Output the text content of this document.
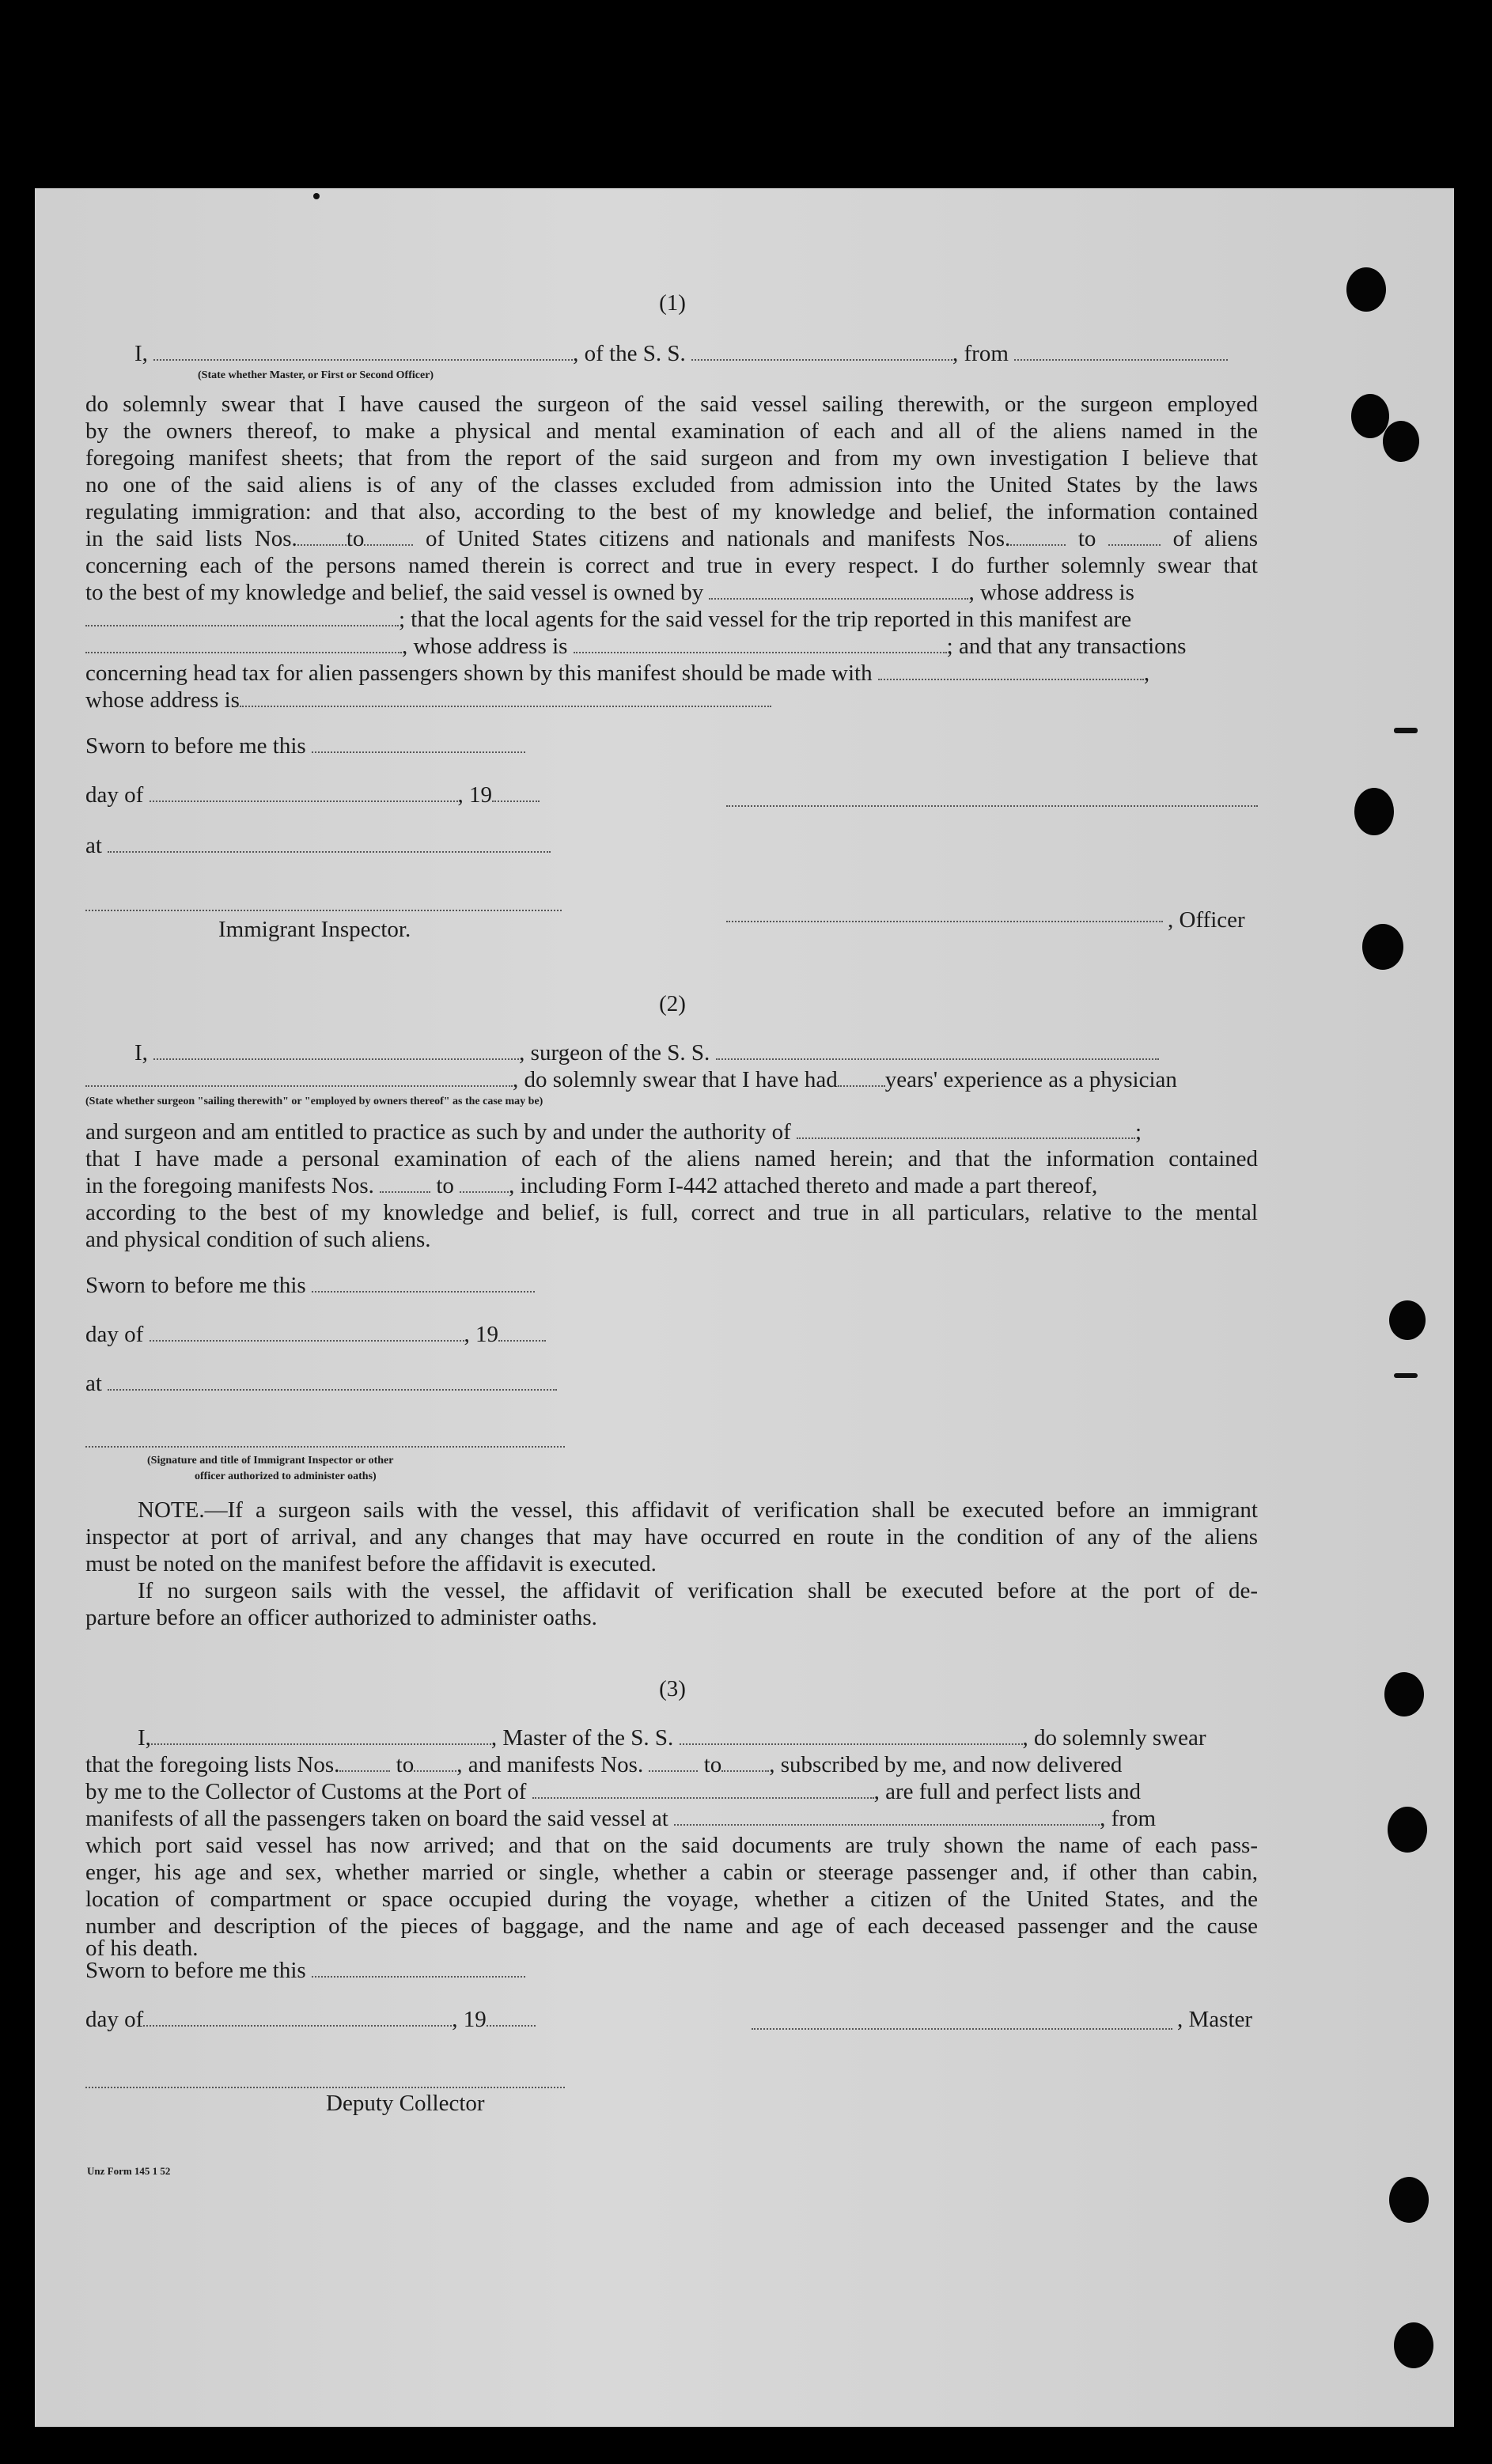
(1)
I,	, of the S. S.	, from
(State whether Master, or First or Second Officer)
do solemnly swear that I have caused the surgeon of the said vessel sailing therewith, or the surgeon employed
by the owners thereof, to make a physical and mental examination of each and all of the aliens named in the
foregoing manifest sheets; that from the report of the said surgeon and from my own investigation I believe that
no one of the said aliens is of any of the classes excluded from admission into the United States by the laws
regulating immigration: and that also, according to the best of my knowledge and belief, the information contained
in the said lists Nos. to	of United States citizens and nationals and manifests Nos.	to	of aliens
concerning each of the persons named therein is correct and true in every respect. I do further solemnly swear that
to the best of my knowledge and belief, the said vessel is owned by	, whose address is
; that the local agents for the said vessel for the trip reported in this manifest are
, whose address is	; and that any transactions
concerning head tax for alien passengers shown by this manifest should be made with	,
whose address is
Sworn to before me this
day of	, 19
at
Immigrant Inspector.	, Officer
(2)
I,	, surgeon of the S. S.
, do solemnly swear that I have had years' experience as a physician
(State whether surgeon "sailing therewith" or "employed by owners thereof" as the case may be)
and surgeon and am entitled to practice as such by and under the authority of	;
that I have made a personal examination of each of the aliens named herein; and that the information contained
in the foregoing manifests Nos.	to , including Form I-442 attached thereto and made a part thereof,
according to the best of my knowledge and belief, is full, correct and true in all particulars, relative to the mental
and physical condition of such aliens.
Sworn to before me this
day of	, 19
at
(Signature and title of Immigrant Inspector or other
officer authorized to administer oaths)
NOTE.—If a surgeon sails with the vessel, this affidavit of verification shall be executed before an immigrant
inspector at port of arrival, and any changes that may have occurred en route in the condition of any of the aliens
must be noted on the manifest before the affidavit is executed.
If no surgeon sails with the vessel, the affidavit of verification shall be executed before at the port of de-
parture before an officer authorized to administer oaths.
(3)
I,	, Master of the S. S.	, do solemnly swear
that the foregoing lists Nos. to , and manifests Nos.	to , subscribed by me, and now delivered
by me to the Collector of Customs at the Port of	, are full and perfect lists and
manifests of all the passengers taken on board the said vessel at	, from
which port said vessel has now arrived; and that on the said documents are truly shown the name of each pass-
enger, his age and sex, whether married or single, whether a cabin or steerage passenger and, if other than cabin,
location of compartment or space occupied during the voyage, whether a citizen of the United States, and the
number and description of the pieces of baggage, and the name and age of each deceased passenger and the cause
of his death.
Sworn to before me this
day of	, 19	, Master
Deputy Collector
Unz Form 145 1 52
